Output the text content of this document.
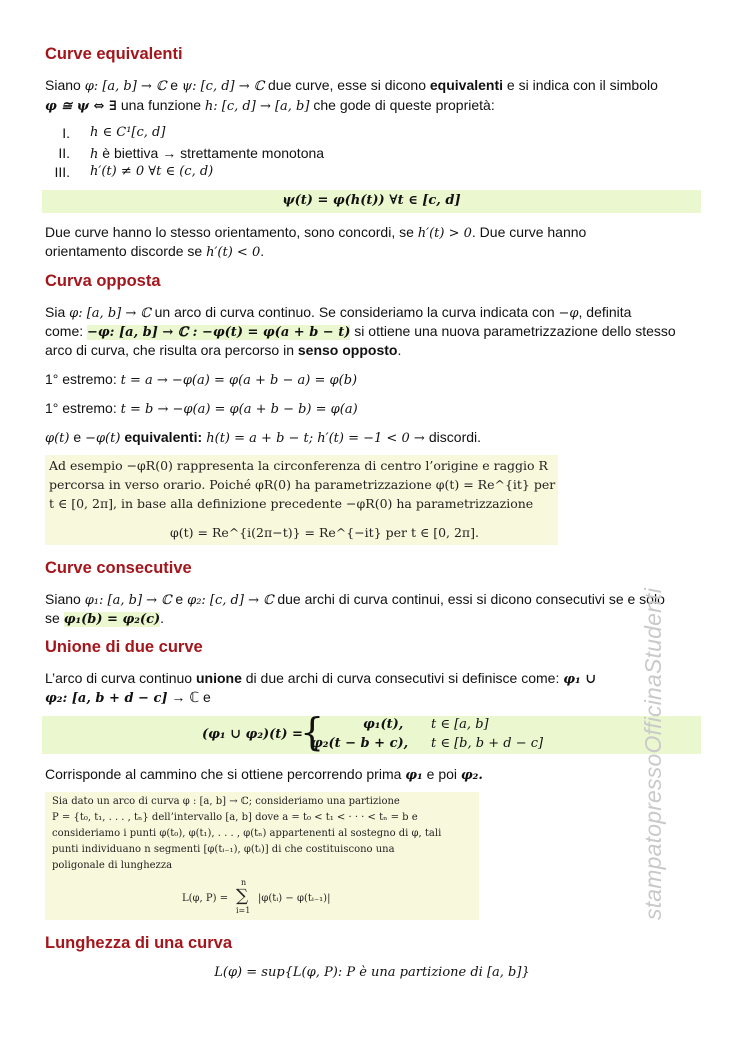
Curve equivalenti

Siano φ: [a, b] → ℂ e ψ: [c, d] → ℂ due curve, esse si dicono equivalenti e si indica con il simbolo

φ ≅ ψ ⇔ ∃ una funzione h: [c, d] → [a, b] che gode di queste proprietà:

I. h ∈ C¹[c, d]
II. h è biettiva → strettamente monotona
III. h′(t) ≠ 0 ∀t ∈ (c, d)
ψ(t) = φ(h(t)) ∀t ∈ [c, d]

Due curve hanno lo stesso orientamento, sono concordi, se h′(t) > 0. Due curve hanno

orientamento discorde se h′(t) < 0.

Curva opposta

Sia φ: [a, b] → ℂ un arco di curva continuo. Se consideriamo la curva indicata con −φ, definita

come: −φ: [a, b] → ℂ : −φ(t) = φ(a + b − t) si ottiene una nuova parametrizzazione dello stesso

arco di curva, che risulta ora percorso in senso opposto.

1° estremo: t = a → −φ(a) = φ(a + b − a) = φ(b)

1° estremo: t = b → −φ(a) = φ(a + b − b) = φ(a)

φ(t) e −φ(t) equivalenti: h(t) = a + b − t; h′(t) = −1 < 0 → discordi.

Ad esempio −φR(0) rappresenta la circonferenza di centro l’origine e raggio R

percorsa in verso orario. Poiché φR(0) ha parametrizzazione φ(t) = Re^{it} per

t ∈ [0, 2π], in base alla definizione precedente −φR(0) ha parametrizzazione

φ(t) = Re^{i(2π−t)} = Re^{−it} per t ∈ [0, 2π].

Curve consecutive

Siano φ₁: [a, b] → ℂ e φ₂: [c, d] → ℂ due archi di curva continui, essi si dicono consecutivi se e solo

se φ₁(b) = φ₂(c).

Unione di due curve

L’arco di curva continuo unione di due archi di curva consecutivi si definisce come: φ₁ ∪

φ₂: [a, b + d − c] → ℂ e

(φ₁ ∪ φ₂)(t) =
{	φ₁(t), t ∈ [a, b]
φ₂(t − b + c), t ∈ [b, b + d − c]

Corrisponde al cammino che si ottiene percorrendo prima φ₁ e poi φ₂.

Sia dato un arco di curva φ : [a, b] → ℂ; consideriamo una partizione

P = {t₀, t₁, . . . , tₙ} dell’intervallo [a, b] dove a = t₀ < t₁ < · · · < tₙ = b e

consideriamo i punti φ(t₀), φ(t₁), . . . , φ(tₙ) appartenenti al sostegno di φ, tali

punti individuano n segmenti [φ(tᵢ₋₁), φ(tᵢ)] di che costituiscono una

poligonale di lunghezza

L(φ, P) =

n

∑

i=1

|φ(tᵢ) − φ(tᵢ₋₁)|

Lunghezza di una curva
L(φ) = sup{L(φ, P): P è una partizione di [a, b]}
stampatopressoOfficinaStudenti
